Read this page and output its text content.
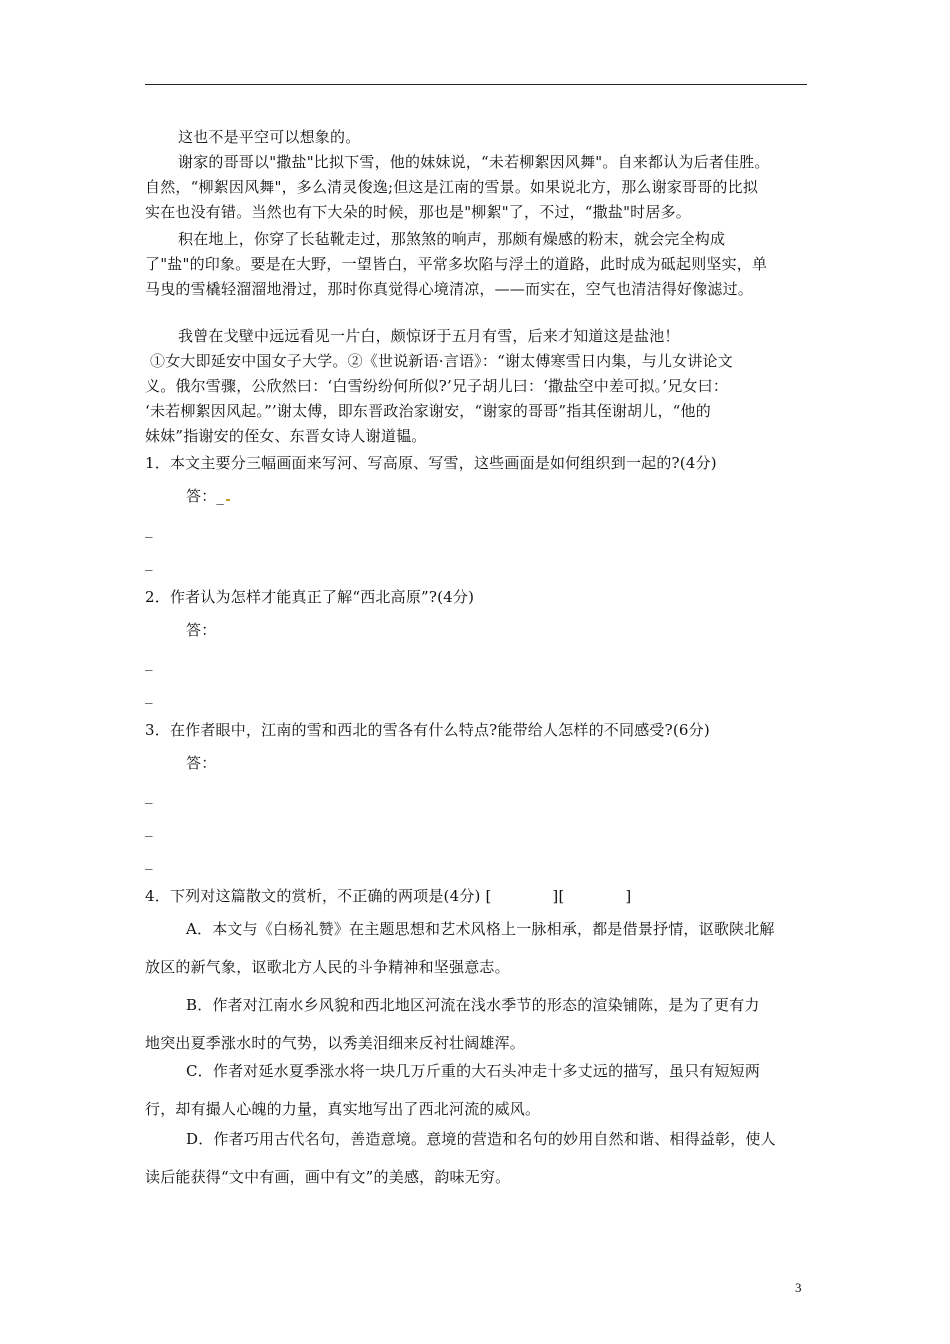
这也不是平空可以想象的。
谢家的哥哥以"撒盐"比拟下雪，他的妹妹说，“未若柳絮因风舞"。自来都认为后者佳胜。
自然，“柳絮因风舞"，多么清灵俊逸;但这是江南的雪景。如果说北方，那么谢家哥哥的比拟
实在也没有错。当然也有下大朵的时候，那也是"柳絮"了，不过，“撒盐"时居多。
积在地上，你穿了长毡靴走过，那煞煞的响声，那颇有燥感的粉末，就会完全构成
了"盐"的印象。要是在大野，一望皆白，平常多坎陷与浮土的道路，此时成为砥起则坚实，单
马曳的雪橇轻溜溜地滑过，那时你真觉得心境清凉，——而实在，空气也清洁得好像滤过。
我曾在戈壁中远远看见一片白，颇惊讶于五月有雪，后来才知道这是盐池！
①女大即延安中国女子大学。②《世说新语·言语》：“谢太傅寒雪日内集，与儿女讲论文
义。俄尔雪骤，公欣然曰：‘白雪纷纷何所似?’兄子胡儿曰：‘撒盐空中差可拟。’兄女曰：
‘未若柳絮因风起。”’谢太傅，即东晋政治家谢安，“谢家的哥哥”指其侄谢胡儿，“他的
妹妹”指谢安的侄女、东晋女诗人谢道韫。
1．本文主要分三幅画面来写河、写高原、写雪，这些画面是如何组织到一起的?(4分)
答：_
_
_
2．作者认为怎样才能真正了解“西北高原”?(4分)
答：
_
_
3．在作者眼中，江南的雪和西北的雪各有什么特点?能带给人怎样的不同感受?(6分)
答：
_
_
_
4．下列对这篇散文的赏析，不正确的两项是(4分) [　　　　][　　　　]
A．本文与《白杨礼赞》在主题思想和艺术风格上一脉相承，都是借景抒情，讴歌陕北解
放区的新气象，讴歌北方人民的斗争精神和坚强意志。
B．作者对江南水乡风貌和西北地区河流在浅水季节的形态的渲染铺陈，是为了更有力
地突出夏季涨水时的气势，以秀美泪细来反衬壮阔雄浑。
C．作者对延水夏季涨水将一块几万斤重的大石头冲走十多丈远的描写，虽只有短短两
行，却有撮人心魄的力量，真实地写出了西北河流的威风。
D．作者巧用古代名句，善造意境。意境的营造和名句的妙用自然和谐、相得益彰，使人
读后能获得“文中有画，画中有文”的美感，韵味无穷。
3
